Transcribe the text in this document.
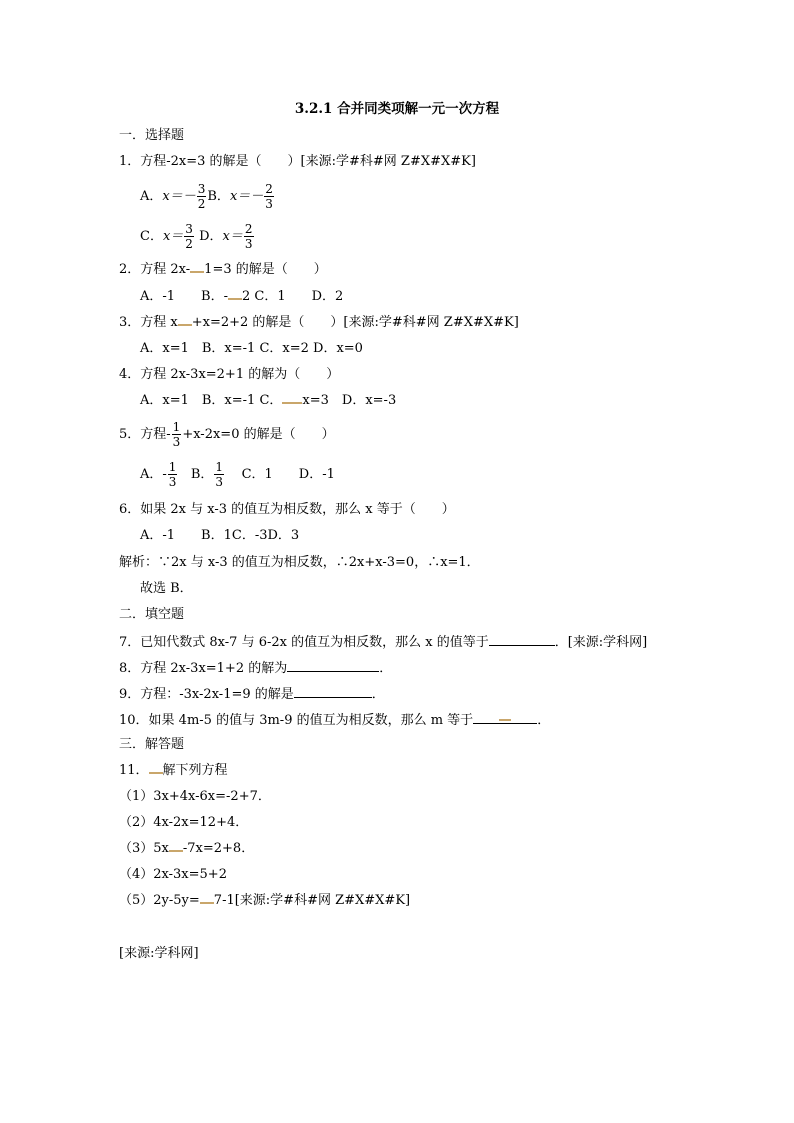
3.2.1 合并同类项解一元一次方程
一．选择题
1．方程-2x=3 的解是（　　）[来源:学#科#网 Z#X#X#K]
A．$x=- \frac{3}{2}$ B．$x=- \frac{2}{3}$
C．$x= \frac{3}{2}$ D．$x= \frac{2}{3}$
2．方程 2x- 1=3 的解是（　　）
A．-1　　B．- 2 C．1　　D．2
3．方程 x +x=2+2 的解是（　　）[来源:学#科#网 Z#X#X#K]
A．x=1　B．x=-1 C．x=2 D．x=0
4．方程 2x-3x=2+1 的解为（　　）
A．x=1　B．x=-1 C． x=3　D．x=-3
5．方程- $\frac{1}{3} +x-2x=0$ 的解是（　　）
A．- $\frac{1}{3}$ B． $\frac{1}{3}$ C．1　　D．-1
6．如果 2x 与 x-3 的值互为相反数，那么 x 等于（　　）
A．-1　　B．1C．-3D．3
解析：∵2x 与 x-3 的值互为相反数，∴2x+x-3=0，∴x=1．
故选 B．
二．填空题
7．已知代数式 8x-7 与 6-2x 的值互为相反数，那么 x 的值等于	．[来源:学科网]
8．方程 2x-3x=1+2 的解为	．
9．方程：-3x-2x-1=9 的解是	．
10．如果 4m-5 的值与 3m-9 的值互为相反数，那么 m 等于	．
三．解答题
11． 解下列方程
（1）3x+4x-6x=-2+7．
（2）4x-2x=12+4．
（3）5x -7x=2+8．
（4）2x-3x=5+2
（5）2y-5y= 7-1[来源:学#科#网 Z#X#X#K]
[来源:学科网]
